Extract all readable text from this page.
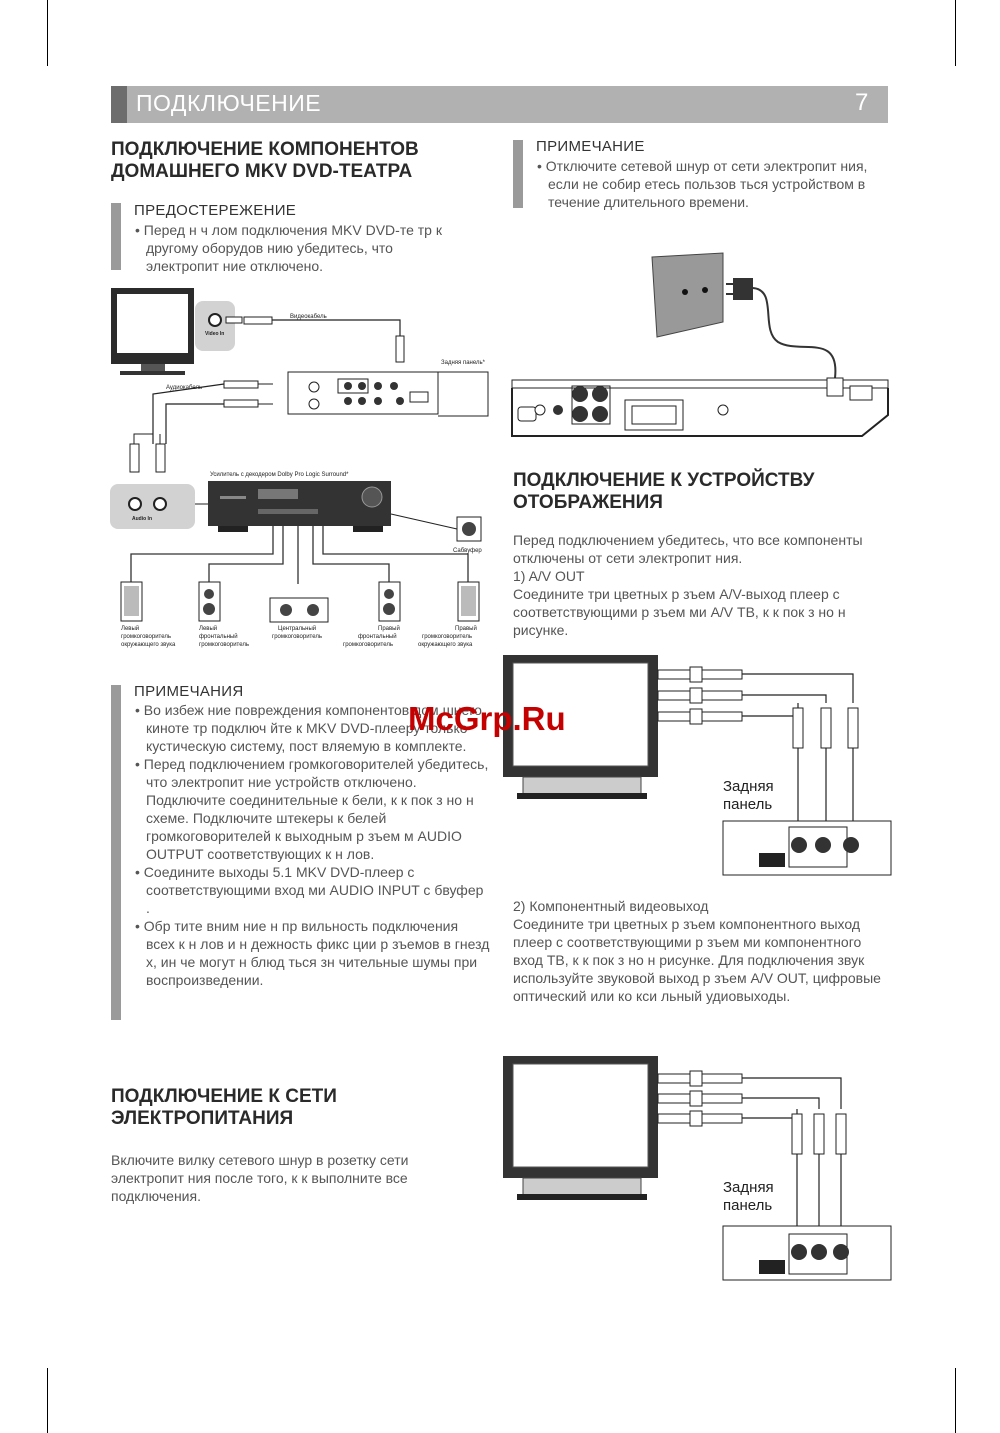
ПОДКЛЮЧЕНИЕ	7
ПОДКЛЮЧЕНИЕ КОМПОНЕНТОВ
ДОМАШНЕГО MKV DVD-ТЕАТРА
ПРЕДОСТЕРЕЖЕНИЕ
• Перед н ч лом подключения MKV DVD-те тр к другому оборудов нию убедитесь, что электропит ние отключено.
Video In
Видеокабель
Задняя панель*
Аудиокабель
Audio In
Усилитель с декодером Dolby Pro Logic Surround*
Сабвуфер
Левый
громкоговоритель
окружающего звука
Левый
фронтальный
громкоговоритель
Центральный
громкоговоритель
Правый
фронтальный
громкоговоритель
Правый
громкоговоритель
окружающего звука
ПРИМЕЧАНИЯ
• Во избеж ние повреждения компонентов дом шнего киноте тр подключ йте к MKV DVD-плееру только кустическую систему, пост вляемую в комплекте.
• Перед подключением громкоговорителей убедитесь, что электропит ние устройств отключено. Подключите соединительные к бели, к к пок з но н схеме. Подключите штекеры к белей громкоговорителей к выходным р зъем м AUDIO OUTPUT соответствующих к н лов.
• Соедините выходы 5.1 MKV DVD-плеер с соответствующими вход ми AUDIO INPUT с бвуфер .
• Обр тите вним ние н пр вильность подключения всех к н лов и н дежность фикс ции р зъемов в гнезд х, ин че могут н блюд ться зн чительные шумы при воспроизведении.
ПОДКЛЮЧЕНИЕ К СЕТИ
ЭЛЕКТРОПИТАНИЯ
Включите вилку сетевого шнур в розетку сети электропит ния после того, к к выполните все подключения.
ПРИМЕЧАНИЕ
• Отключите сетевой шнур от сети электропит ния, если не собир етесь пользов ться устройством в течение длительного времени.
ПОДКЛЮЧЕНИЕ К УСТРОЙСТВУ
ОТОБРАЖЕНИЯ
Перед подключением убедитесь, что все компоненты отключены от сети электропит ния.
1) A/V OUT
Соедините три цветных р зъем A/V-выход плеер с соответствующими р зъем ми A/V ТВ, к к пок з но н рисунке.
Задняя
панель
2) Компонентный видеовыход
Соедините три цветных р зъем компонентного выход плеер с соответствующими р зъем ми компонентного вход ТВ, к к пок з но н рисунке. Для подключения звук используйте звуковой выход р зъем A/V OUT, цифровые оптический или ко кси льный удиовыходы.
Задняя
панель
McGrp.Ru
